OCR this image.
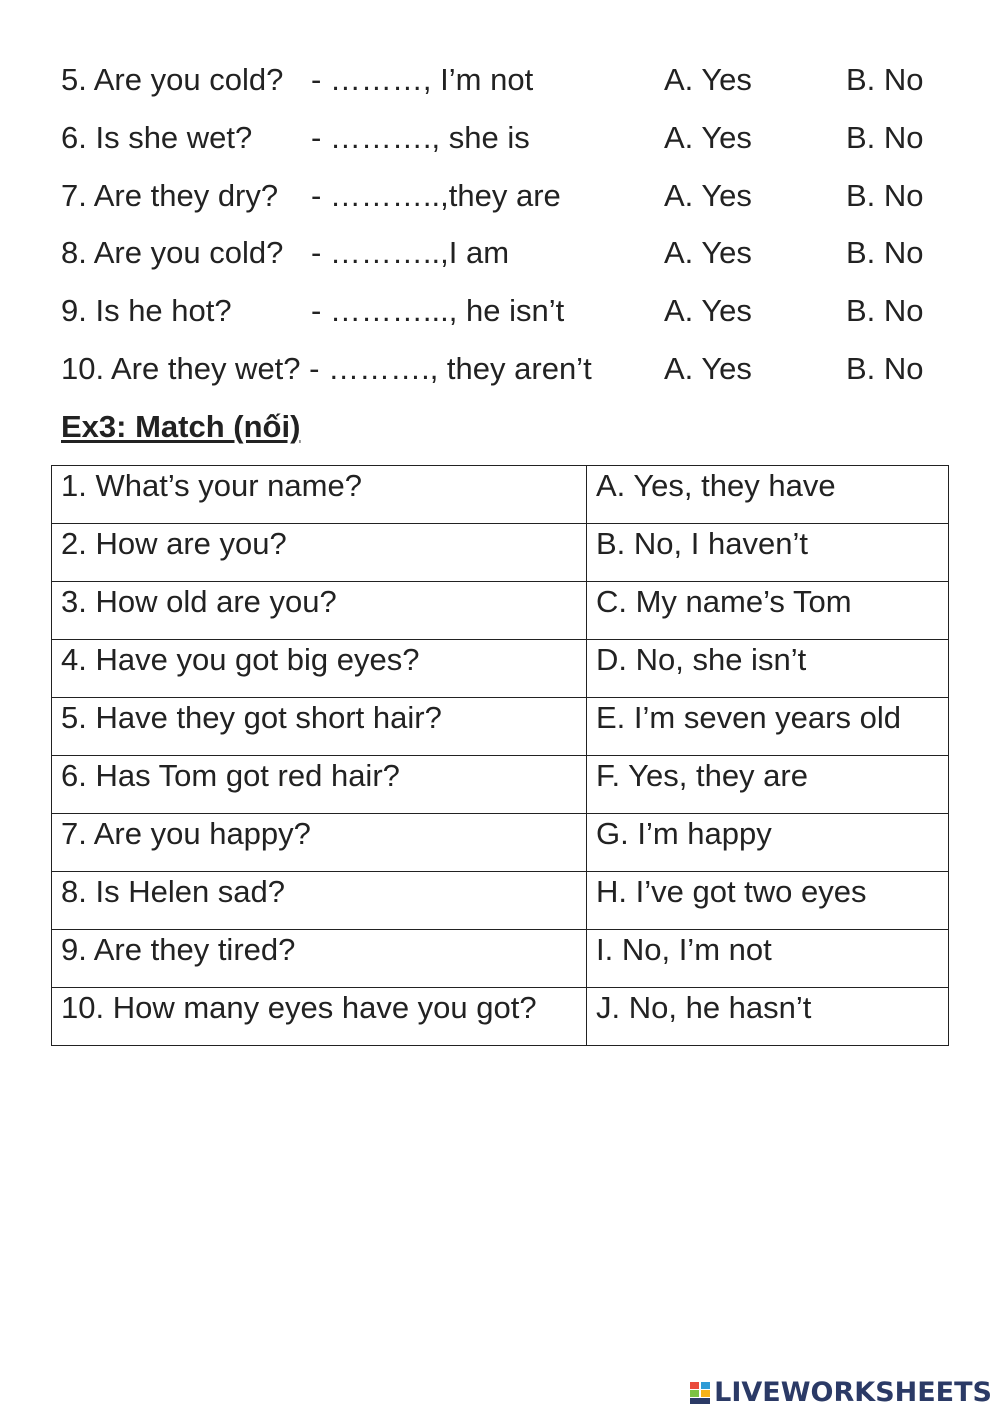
5. Are you cold? - ………, I’m not	A. Yes	B. No
6. Is she wet? - ………., she is	A. Yes	B. No
7. Are they dry? - ………..,they are	A. Yes	B. No
8. Are you cold? - ………..,I am	A. Yes	B. No
9. Is he hot?	- ………..., he isn’t	A. Yes	B. No
10. Are they wet? - ………., they aren’t A. Yes	B. No
Ex3: Match (nối)
1. What’s your name?	A. Yes, they have
2. How are you?	B. No, I haven’t
3. How old are you?	C. My name’s Tom
4. Have you got big eyes?	D. No, she isn’t
5. Have they got short hair?	E. I’m seven years old
6. Has Tom got red hair?	F. Yes, they are
7. Are you happy?	G. I’m happy
8. Is Helen sad?	H. I’ve got two eyes
9. Are they tired?	I. No, I’m not
10. How many eyes have you got?	J. No, he hasn’t
LIVEWORKSHEETS
